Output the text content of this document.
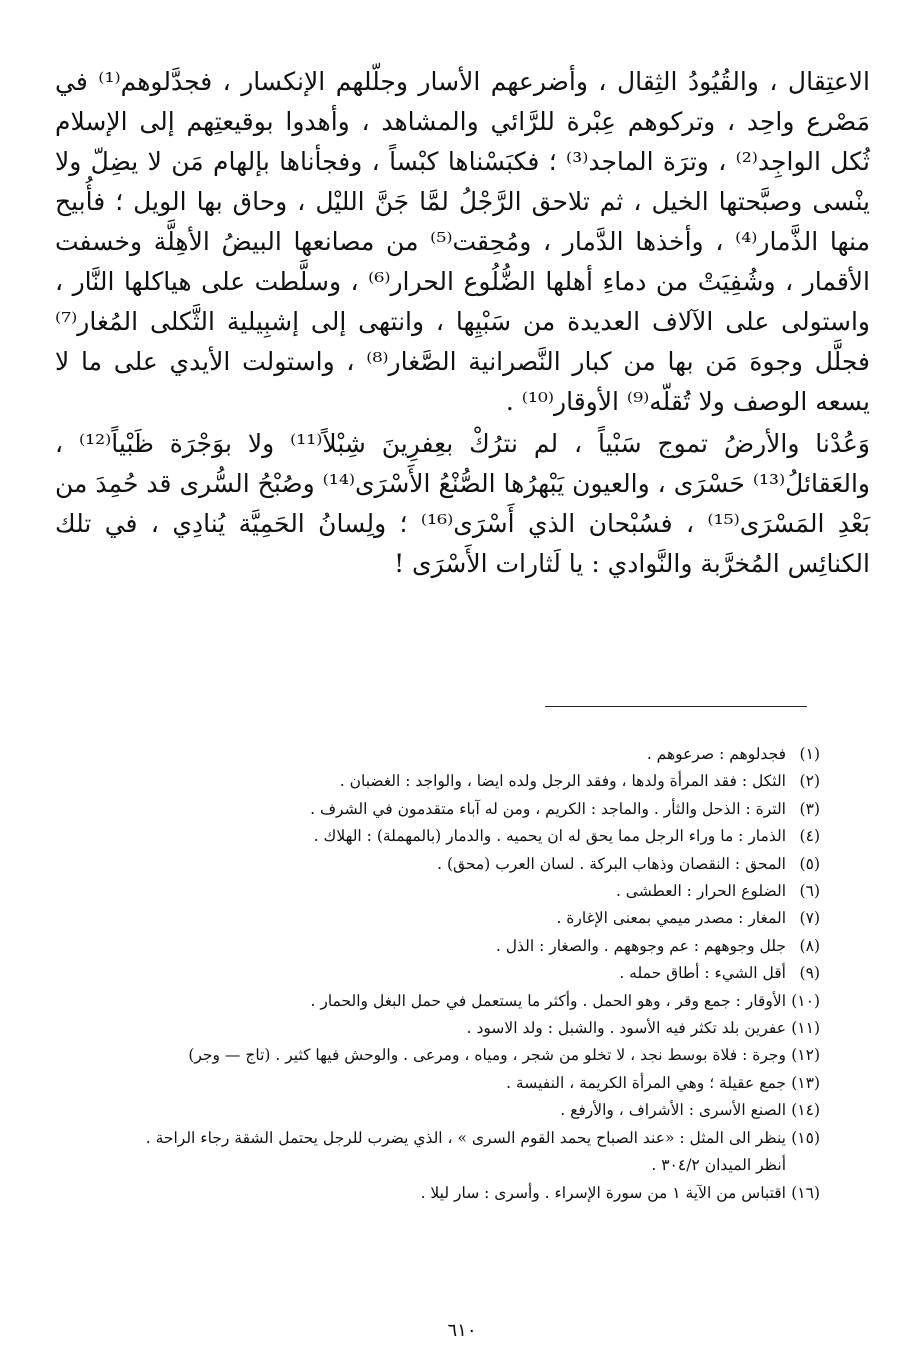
الاعتِقال ، والقُيُودُ الثِقال ، وأضرعهم الأسار وجلّلهم الإنكسار ، فجدَّلوهم⁽¹⁾ في مَصْرع واحِد ، وتركوهم عِبْرة للرَّائي والمشاهد ، وأهدوا بوقيعتِهم إلى الإسلام ثُكل الواجِد⁽²⁾ ، وترَة الماجد⁽³⁾ ؛ فكبَسْناها كبْساً ، وفجأناها بإلهام مَن لا يضِلّ ولا ينْسى وصبَّحتها الخيل ، ثم تلاحق الرَّجْلُ لمَّا جَنَّ الليْل ، وحاق بها الويل ؛ فأُبيح منها الذَّمار⁽⁴⁾ ، وأخذها الدَّمار ، ومُحِقت⁽⁵⁾ من مصانعها البيضُ الأهِلَّة وخسفت الأقمار ، وشُفِيَتْ من دماءِ أهلها الضُّلُوع الحرار⁽⁶⁾ ، وسلَّطت على هياكلها النَّار ، واستولى على الآلاف العديدة من سَبْيِها ، وانتهى إلى إشبِيلية الثَّكلى المُغار⁽⁷⁾ فجلَّل وجوهَ مَن بها من كبار النَّصرانية الصَّغار⁽⁸⁾ ، واستولت الأيدي على ما لا يسعه الوصف ولا تُقلّه⁽⁹⁾ الأوقار⁽¹⁰⁾ .

وَعُدْنا والأرضُ تموج سَبْياً ، لم نترُكْ بعِفرِينَ شِبْلاً⁽¹¹⁾ ولا بوَجْرَة ظَبْياً⁽¹²⁾ ، والعَقائلُ⁽¹³⁾ حَسْرَى ، والعيون يَبْهرُها الصُّنْعُ الأَسْرَى⁽¹⁴⁾ وصُبْحُ السُّرى قد حُمِدَ من بَعْدِ المَسْرَى⁽¹⁵⁾ ، فسُبْحان الذي أَسْرَى⁽¹⁶⁾ ؛ ولِسانُ الحَمِيَّة يُنادِي ، في تلك الكنائِس المُخرَّبة والنَّوادي : يا لَثارات الأَسْرَى !

(١)
فجدلوهم : صرعوهم .
(٢)
الثكل : فقد المرأة ولدها ، وفقد الرجل ولده ايضا ، والواجد : الغضبان .
(٣)
الترة : الذحل والثأر . والماجد : الكريم ، ومن له آباء متقدمون في الشرف .
(٤)
الذمار : ما وراء الرجل مما يحق له ان يحميه . والدمار (بالمهملة) : الهلاك .
(٥)
المحق : النقصان وذهاب البركة . لسان العرب (محق) .
(٦)
الضلوع الحرار : العطشى .
(٧)
المغار : مصدر ميمي بمعنى الإغارة .
(٨)
جلل وجوههم : عم وجوههم . والصغار : الذل .
(٩)
أقل الشيء : أطاق حمله .
(١٠)
الأوقار : جمع وقر ، وهو الحمل . وأكثر ما يستعمل في حمل البغل والحمار .
(١١)
عفرين بلد تكثر فيه الأسود . والشبل : ولد الاسود .
(١٢)
وجرة : فلاة بوسط نجد ، لا تخلو من شجر ، ومياه ، ومرعى . والوحش فيها كثير . (تاج — وجر)
(١٣)
جمع عقيلة ؛ وهي المرأة الكريمة ، النفيسة .
(١٤)
الصنع الأسرى : الأشراف ، والأرفع .
(١٥)
ينظر الى المثل : «عند الصباح يحمد القوم السرى » ، الذي يضرب للرجل يحتمل الشقة رجاء الراحة .
أنظر الميدان ٣٠٤/٢ .
(١٦)
اقتباس من الآية ١ من سورة الإسراء . وأسرى : سار ليلا .
٦١٠
